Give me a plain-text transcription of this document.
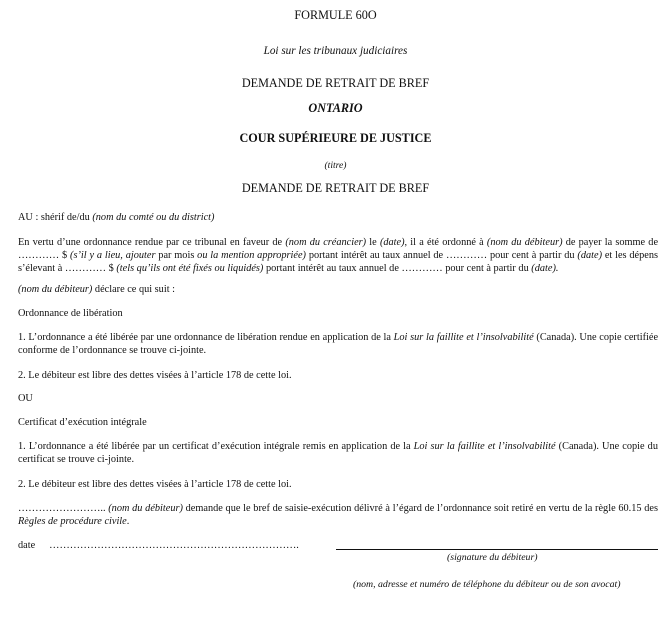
FORMULE 60O
Loi sur les tribunaux judiciaires
DEMANDE DE RETRAIT DE BREF
ONTARIO
COUR SUPÉRIEURE DE JUSTICE
(titre)
DEMANDE DE RETRAIT DE BREF
AU : shérif de/du (nom du comté ou du district)
En vertu d’une ordonnance rendue par ce tribunal en faveur de (nom du créancier) le (date), il a été ordonné à (nom du débiteur) de payer la somme de ………… $ (s’il y a lieu, ajouter par mois ou la mention appropriée) portant intérêt au taux annuel de ………… pour cent à partir du (date) et les dépens s’élevant à ………… $ (tels qu’ils ont été fixés ou liquidés) portant intérêt au taux annuel de ………… pour cent à partir du (date).
(nom du débiteur) déclare ce qui suit :
Ordonnance de libération
1. L’ordonnance a été libérée par une ordonnance de libération rendue en application de la Loi sur la faillite et l’insolvabilité (Canada). Une copie certifiée conforme de l’ordonnance se trouve ci-jointe.
2. Le débiteur est libre des dettes visées à l’article 178 de cette loi.
OU
Certificat d’exécution intégrale
1. L’ordonnance a été libérée par un certificat d’exécution intégrale remis en application de la Loi sur la faillite et l’insolvabilité (Canada). Une copie du certificat se trouve ci-jointe.
2. Le débiteur est libre des dettes visées à l’article 178 de cette loi.
…………………….. (nom du débiteur) demande que le bref de saisie-exécution délivré à l’égard de l’ordonnance soit retiré en vertu de la règle 60.15 des Règles de procédure civile.
date ……………………………………………………………….
(signature du débiteur)
(nom, adresse et numéro de téléphone du débiteur ou de son avocat)
